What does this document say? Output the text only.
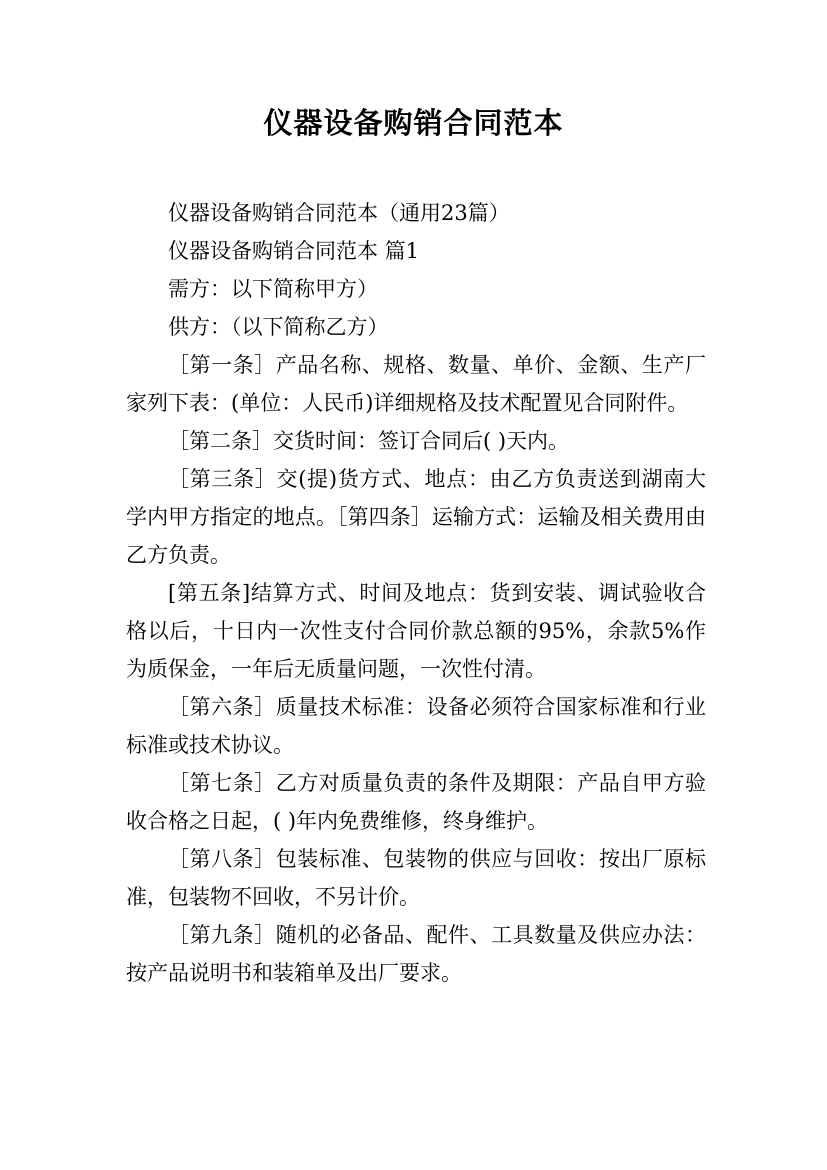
仪器设备购销合同范本

仪器设备购销合同范本（通用23篇）

仪器设备购销合同范本 篇1

需方：以下简称甲方）

供方：（以下简称乙方）

［第一条］产品名称、规格、数量、单价、金额、生产厂家列下表：(单位：人民币)详细规格及技术配置见合同附件。

［第二条］交货时间：签订合同后( )天内。

［第三条］交(提)货方式、地点：由乙方负责送到湖南大学内甲方指定的地点。［第四条］运输方式：运输及相关费用由乙方负责。

[第五条]结算方式、时间及地点：货到安装、调试验收合格以后，十日内一次性支付合同价款总额的95%，余款5%作为质保金，一年后无质量问题，一次性付清。

［第六条］质量技术标准：设备必须符合国家标准和行业标准或技术协议。

［第七条］乙方对质量负责的条件及期限：产品自甲方验收合格之日起，( )年内免费维修，终身维护。

［第八条］包装标准、包装物的供应与回收：按出厂原标准，包装物不回收，不另计价。

［第九条］随机的必备品、配件、工具数量及供应办法：按产品说明书和装箱单及出厂要求。
